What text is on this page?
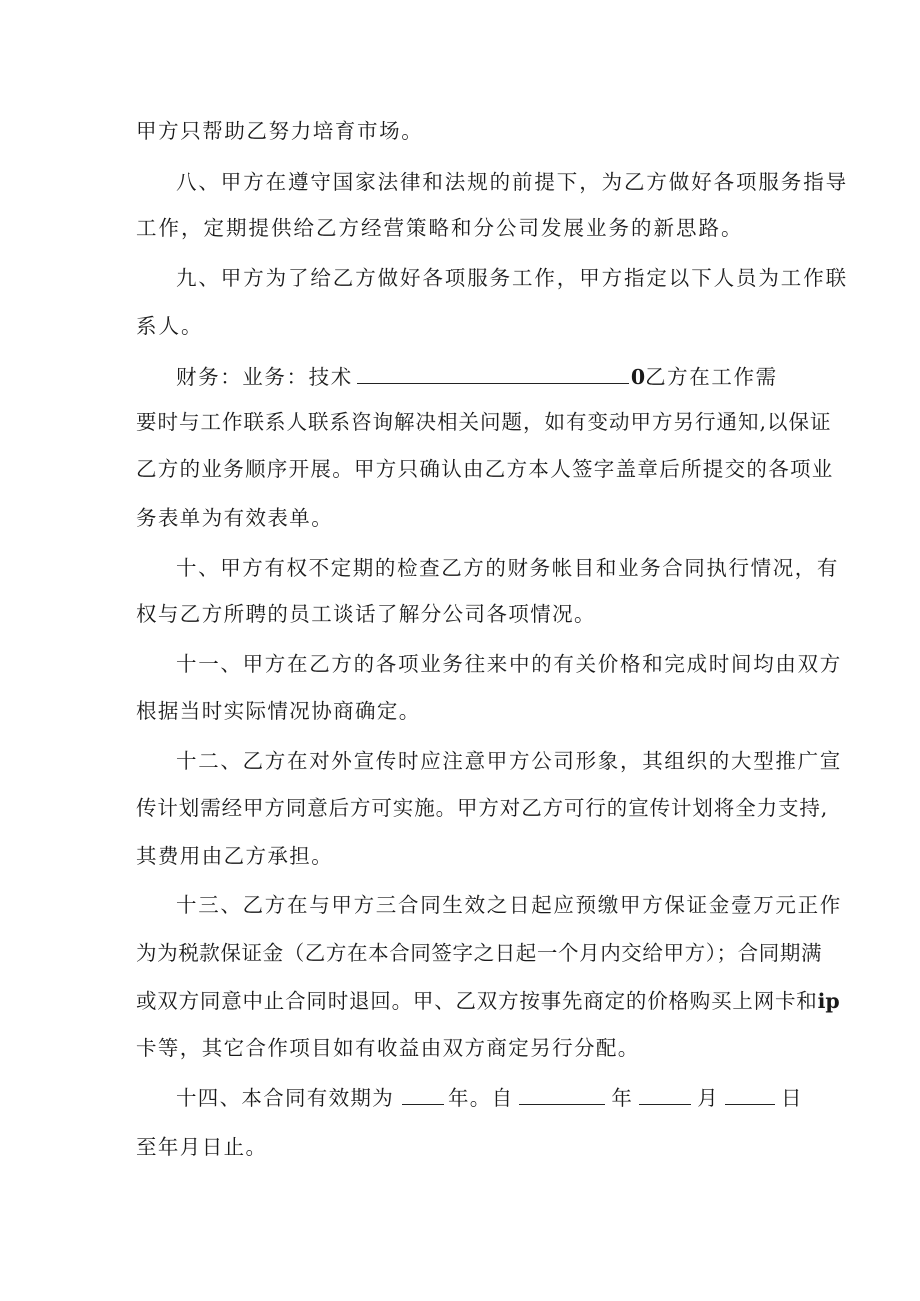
甲方只帮助乙努力培育市场。
八、甲方在遵守国家法律和法规的前提下，为乙方做好各项服务指导
工作，定期提供给乙方经营策略和分公司发展业务的新思路。
九、甲方为了给乙方做好各项服务工作，甲方指定以下人员为工作联
系人。
财务：业务：技术	0乙方在工作需
要时与工作联系人联系咨询解决相关问题，如有变动甲方另行通知,以保证
乙方的业务顺序开展。甲方只确认由乙方本人签字盖章后所提交的各项业
务表单为有效表单。
十、甲方有权不定期的检查乙方的财务帐目和业务合同执行情况，有
权与乙方所聘的员工谈话了解分公司各项情况。
十一、甲方在乙方的各项业务往来中的有关价格和完成时间均由双方
根据当时实际情况协商确定。
十二、乙方在对外宣传时应注意甲方公司形象，其组织的大型推广宣
传计划需经甲方同意后方可实施。甲方对乙方可行的宣传计划将全力支持,
其费用由乙方承担。
十三、乙方在与甲方三合同生效之日起应预缴甲方保证金壹万元正作
为为税款保证金（乙方在本合同签字之日起一个月内交给甲方）；合同期满
或双方同意中止合同时退回。甲、乙双方按事先商定的价格购买上网卡和ip
卡等，其它合作项目如有收益由双方商定另行分配。
十四、本合同有效期为	年。自	年	月	日
至年月日止。
